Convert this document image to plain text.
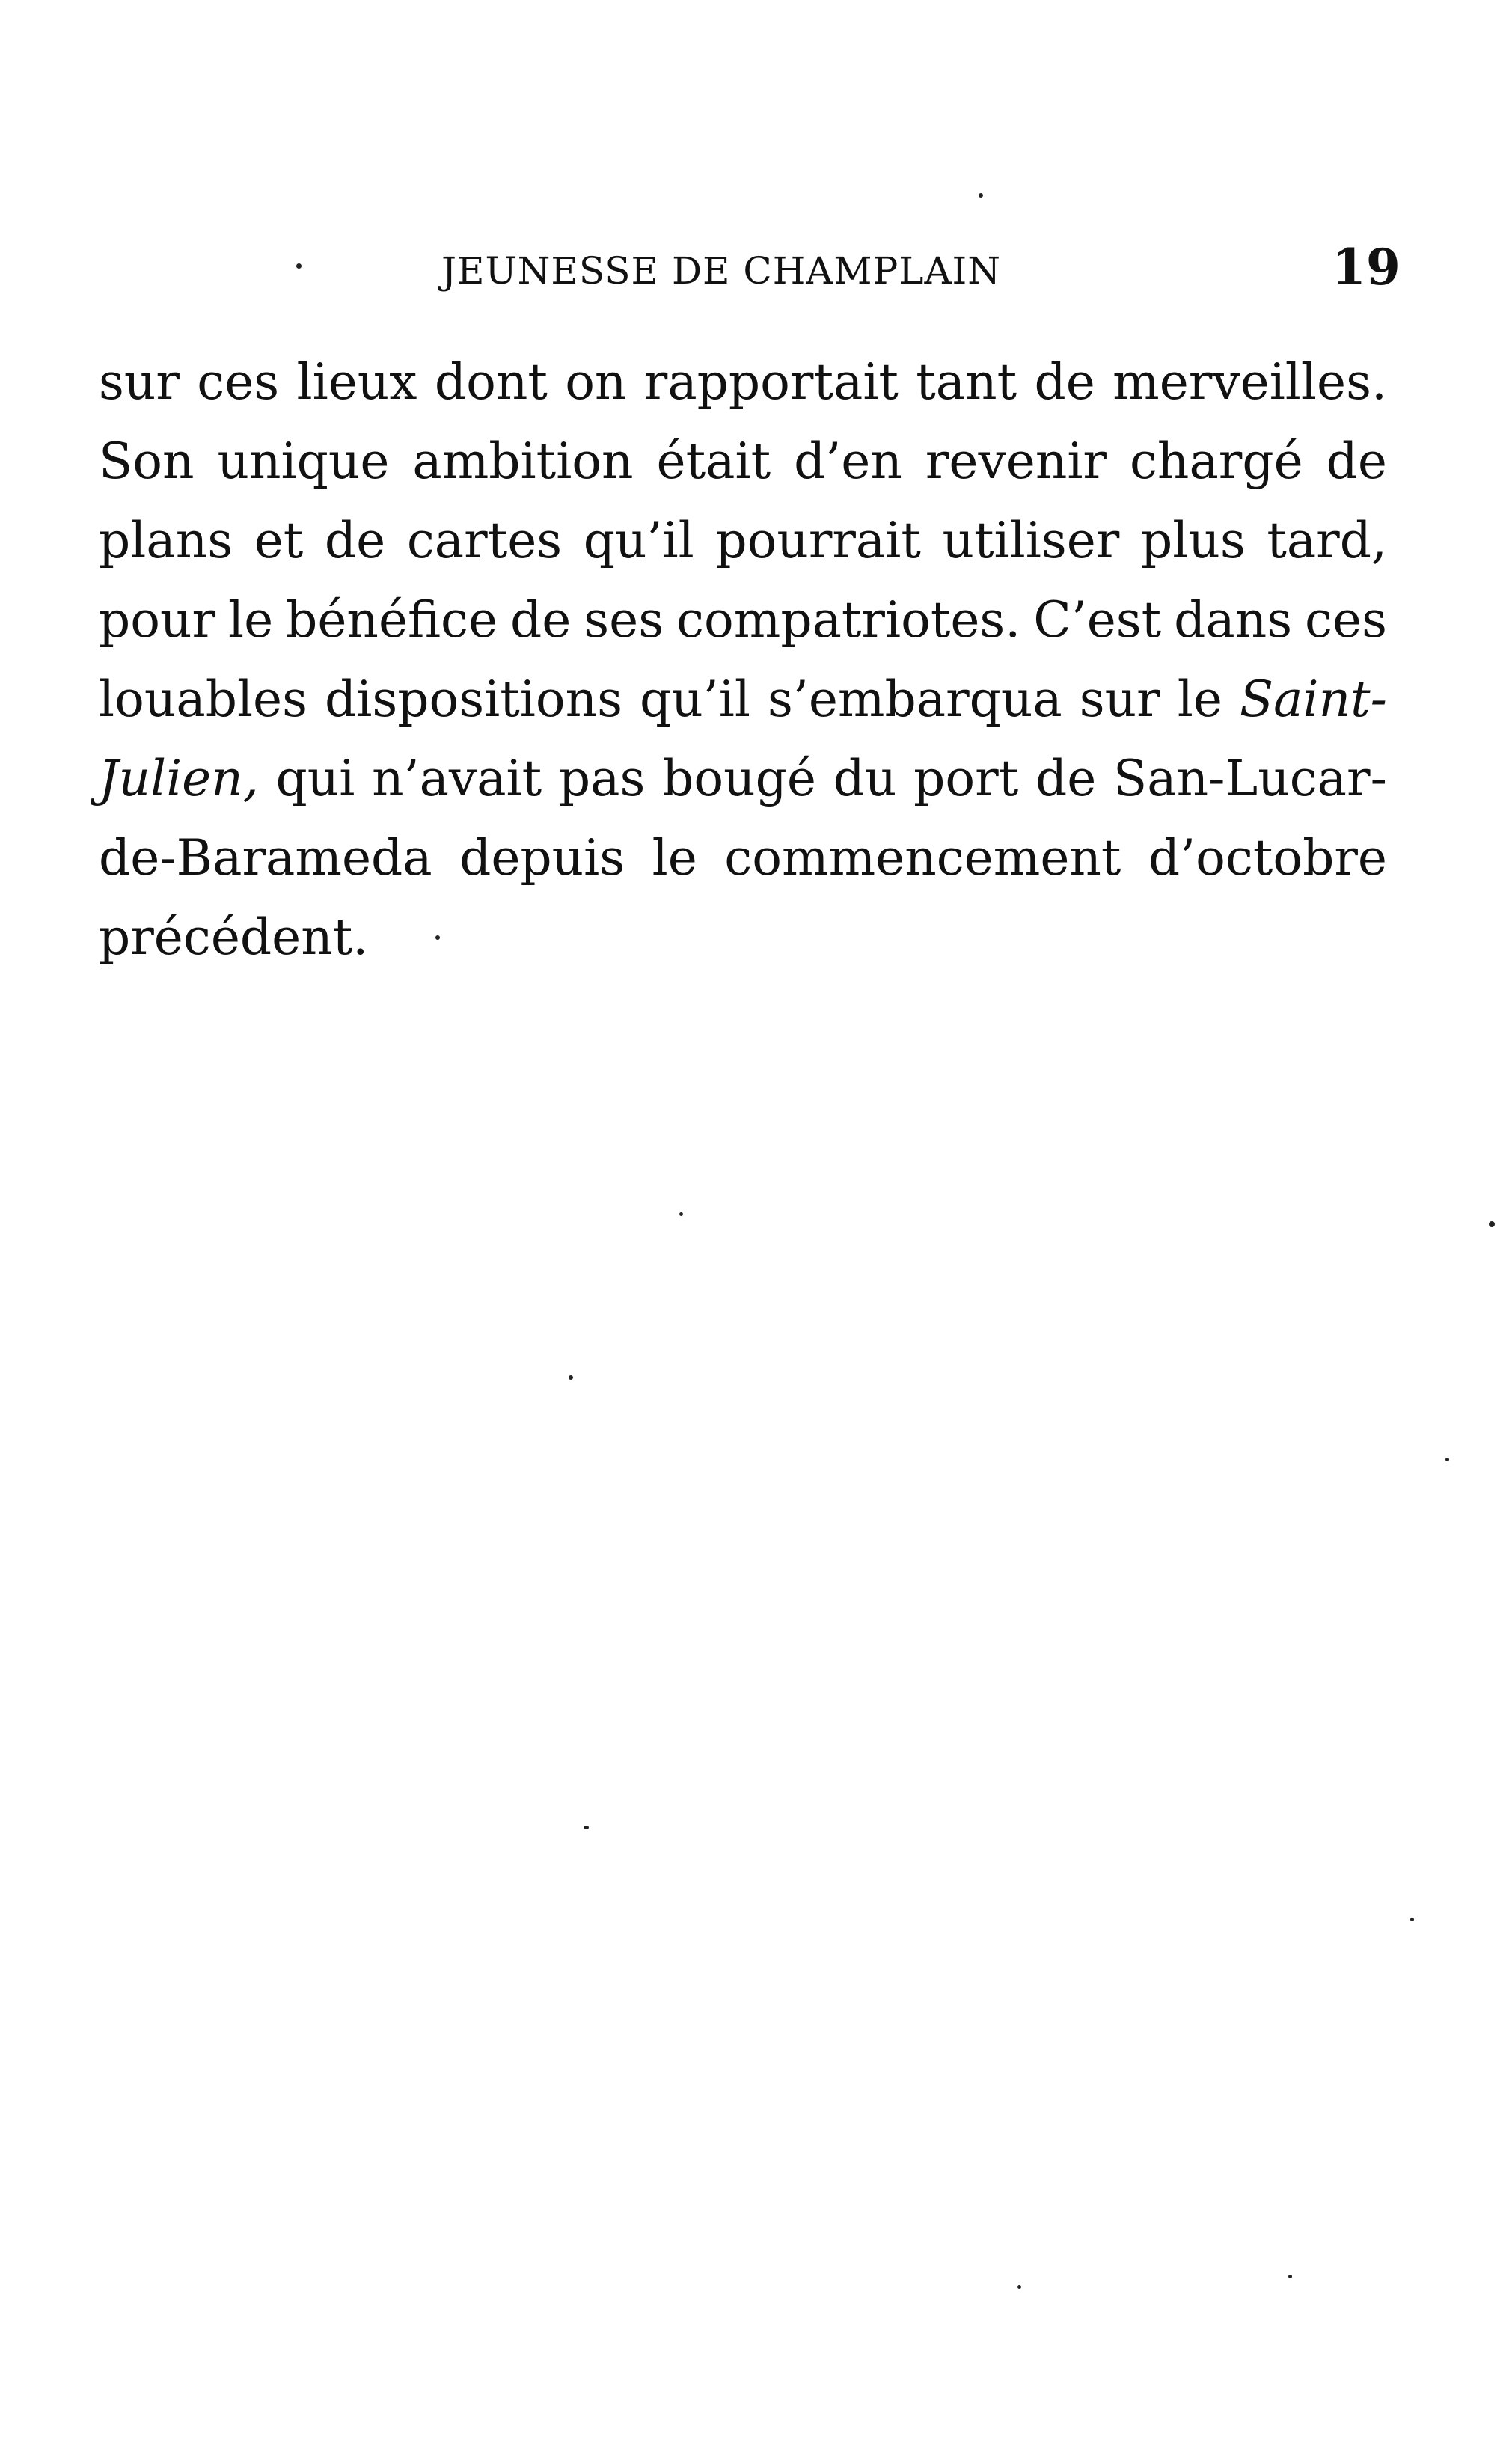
JEUNESSE DE CHAMPLAIN	19
sur ces lieux dont on rapportait tant de merveilles.
Son unique ambition était d’en revenir chargé de
plans et de cartes qu’il pourrait utiliser plus tard,
pour le bénéfice de ses compatriotes. C’est dans ces
louables dispositions qu’il s’embarqua sur le Saint-
Julien, qui n’avait pas bougé du port de San-Lucar-
de-Barameda depuis le commencement d’octobre
précédent.
